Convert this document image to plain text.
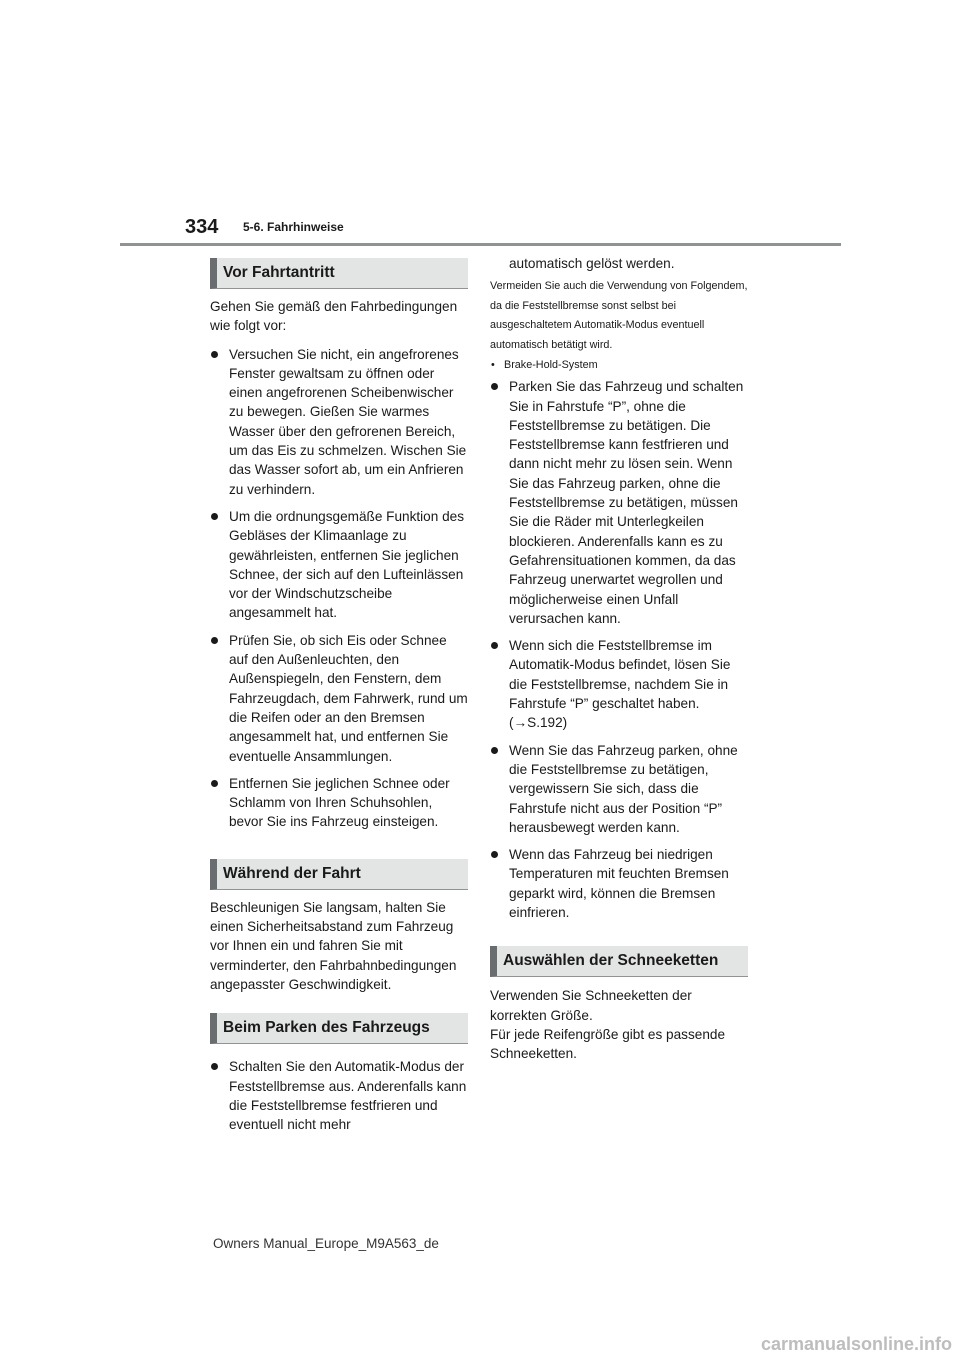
334 5-6. Fahrhinweise
Vor Fahrtantritt

Gehen Sie gemäß den Fahrbedingungen wie folgt vor:

Versuchen Sie nicht, ein angefrorenes Fenster gewaltsam zu öffnen oder einen angefrorenen Scheibenwischer zu bewegen. Gießen Sie warmes Wasser über den gefrorenen Bereich, um das Eis zu schmelzen. Wischen Sie das Wasser sofort ab, um ein Anfrieren zu verhindern.
Um die ordnungsgemäße Funktion des Gebläses der Klimaanlage zu gewährleisten, entfernen Sie jeglichen Schnee, der sich auf den Lufteinlässen vor der Windschutzscheibe angesammelt hat.
Prüfen Sie, ob sich Eis oder Schnee auf den Außenleuchten, den Außenspiegeln, den Fenstern, dem Fahrzeugdach, dem Fahrwerk, rund um die Reifen oder an den Bremsen angesammelt hat, und entfernen Sie eventuelle Ansammlungen.
Entfernen Sie jeglichen Schnee oder Schlamm von Ihren Schuhsohlen, bevor Sie ins Fahrzeug einsteigen.
Während der Fahrt

Beschleunigen Sie langsam, halten Sie einen Sicherheitsabstand zum Fahrzeug vor Ihnen ein und fahren Sie mit verminderter, den Fahrbahnbedingungen angepasster Geschwindigkeit.

Beim Parken des Fahrzeugs
Schalten Sie den Automatik-Modus der Feststellbremse aus. Anderenfalls kann die Feststellbremse festfrieren und eventuell nicht mehr

automatisch gelöst werden.

Vermeiden Sie auch die Verwendung von Folgendem, da die Feststellbremse sonst selbst bei ausgeschaltetem Automatik-Modus eventuell automatisch betätigt wird.

• Brake-Hold-System
Parken Sie das Fahrzeug und schalten Sie in Fahrstufe “P”, ohne die Feststellbremse zu betätigen. Die Feststellbremse kann festfrieren und dann nicht mehr zu lösen sein. Wenn Sie das Fahrzeug parken, ohne die Feststellbremse zu betätigen, müssen Sie die Räder mit Unterlegkeilen blockieren. Anderenfalls kann es zu Gefahrensituationen kommen, da das Fahrzeug unerwartet wegrollen und möglicherweise einen Unfall verursachen kann.
Wenn sich die Feststellbremse im Automatik-Modus befindet, lösen Sie die Feststellbremse, nachdem Sie in Fahrstufe “P” geschaltet haben. (→S.192)
Wenn Sie das Fahrzeug parken, ohne die Feststellbremse zu betätigen, vergewissern Sie sich, dass die Fahrstufe nicht aus der Position “P” herausbewegt werden kann.
Wenn das Fahrzeug bei niedrigen Temperaturen mit feuchten Bremsen geparkt wird, können die Bremsen einfrieren.
Auswählen der Schneeketten

Verwenden Sie Schneeketten der korrekten Größe.

Für jede Reifengröße gibt es passende Schneeketten.

Owners Manual_Europe_M9A563_de
carmanualsonline.info
